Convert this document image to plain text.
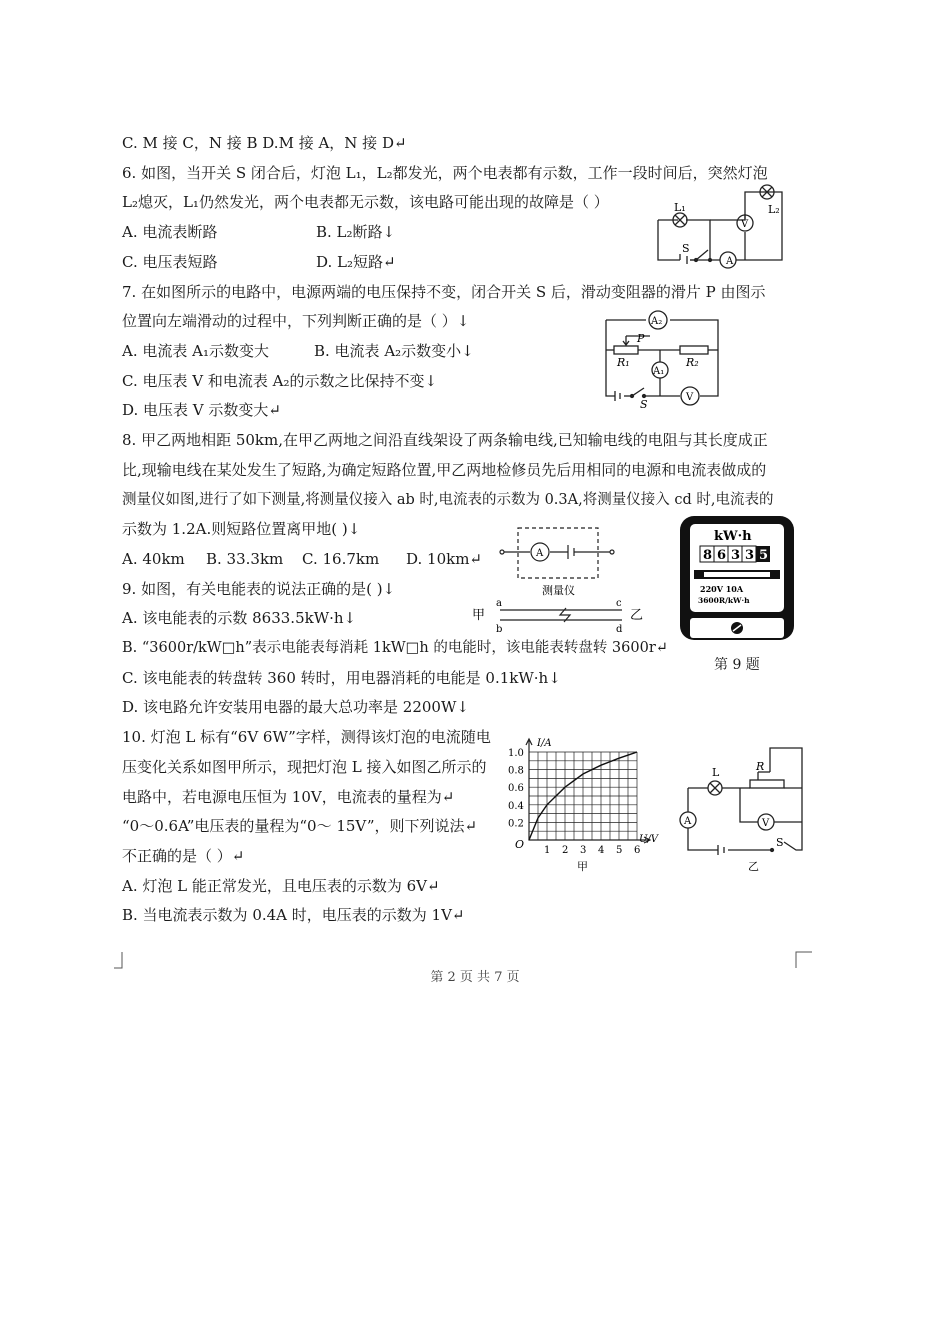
C. M 接 C，N 接 B D.M 接 A，N 接 D↵
6. 如图，当开关 S 闭合后，灯泡 L₁，L₂都发光，两个电表都有示数，工作一段时间后，突然灯泡
L₂熄灭，L₁仍然发光，两个电表都无示数，该电路可能出现的故障是（ ）
A. 电流表断路	B. L₂断路↓
C. 电压表短路	D. L₂短路↵
7. 在如图所示的电路中，电源两端的电压保持不变，闭合开关 S 后，滑动变阻器的滑片 P 由图示
位置向左端滑动的过程中，下列判断正确的是（ ）↓
A. 电流表 A₁示数变大	B. 电流表 A₂示数变小↓
C. 电压表 V 和电流表 A₂的示数之比保持不变↓
D. 电压表 V 示数变大↵
8. 甲乙两地相距 50km,在甲乙两地之间沿直线架设了两条输电线,已知输电线的电阻与其长度成正
比,现输电线在某处发生了短路,为确定短路位置,甲乙两地检修员先后用相同的电源和电流表做成的
测量仪如图,进行了如下测量,将测量仪接入 ab 时,电流表的示数为 0.3A,将测量仪接入 cd 时,电流表的
示数为 1.2A.则短路位置离甲地( )↓
A. 40km B. 33.3km C. 16.7km D. 10km↵
9. 如图，有关电能表的说法正确的是( )↓
A. 该电能表的示数 8633.5kW·h↓
B. “3600r/kW□h”表示电能表每消耗 1kW□h 的电能时，该电能表转盘转 3600r↵
C. 该电能表的转盘转 360 转时，用电器消耗的电能是 0.1kW·h↓
D. 该电路允许安装用电器的最大总功率是 2200W↓
10. 灯泡 L 标有“6V 6W”字样，测得该灯泡的电流随电
压变化关系如图甲所示，现把灯泡 L 接入如图乙所示的
电路中，若电源电压恒为 10V，电流表的量程为↵
“0～0.6A”电压表的量程为“0～ 15V”，则下列说法↵
不正确的是（ ）↵
A. 灯泡 L 能正常发光，且电压表的示数为 6V↵
B. 当电流表示数为 0.4A 时，电压表的示数为 1V↵
A
V
L₁	L₂
S
A₂
A₁
V
R₁	R₂
P
S
测量仪
A
甲	乙
a
b
c
d
kW·h
8 6 3 3 5
220V 10A
3600R/kW·h
第 9 题
1.0
0.8
0.6
0.4
0.2
1 2 3 4 5 6
I/A
U/V
O
甲
A	V
L	R
S
乙
第 2 页 共 7 页
